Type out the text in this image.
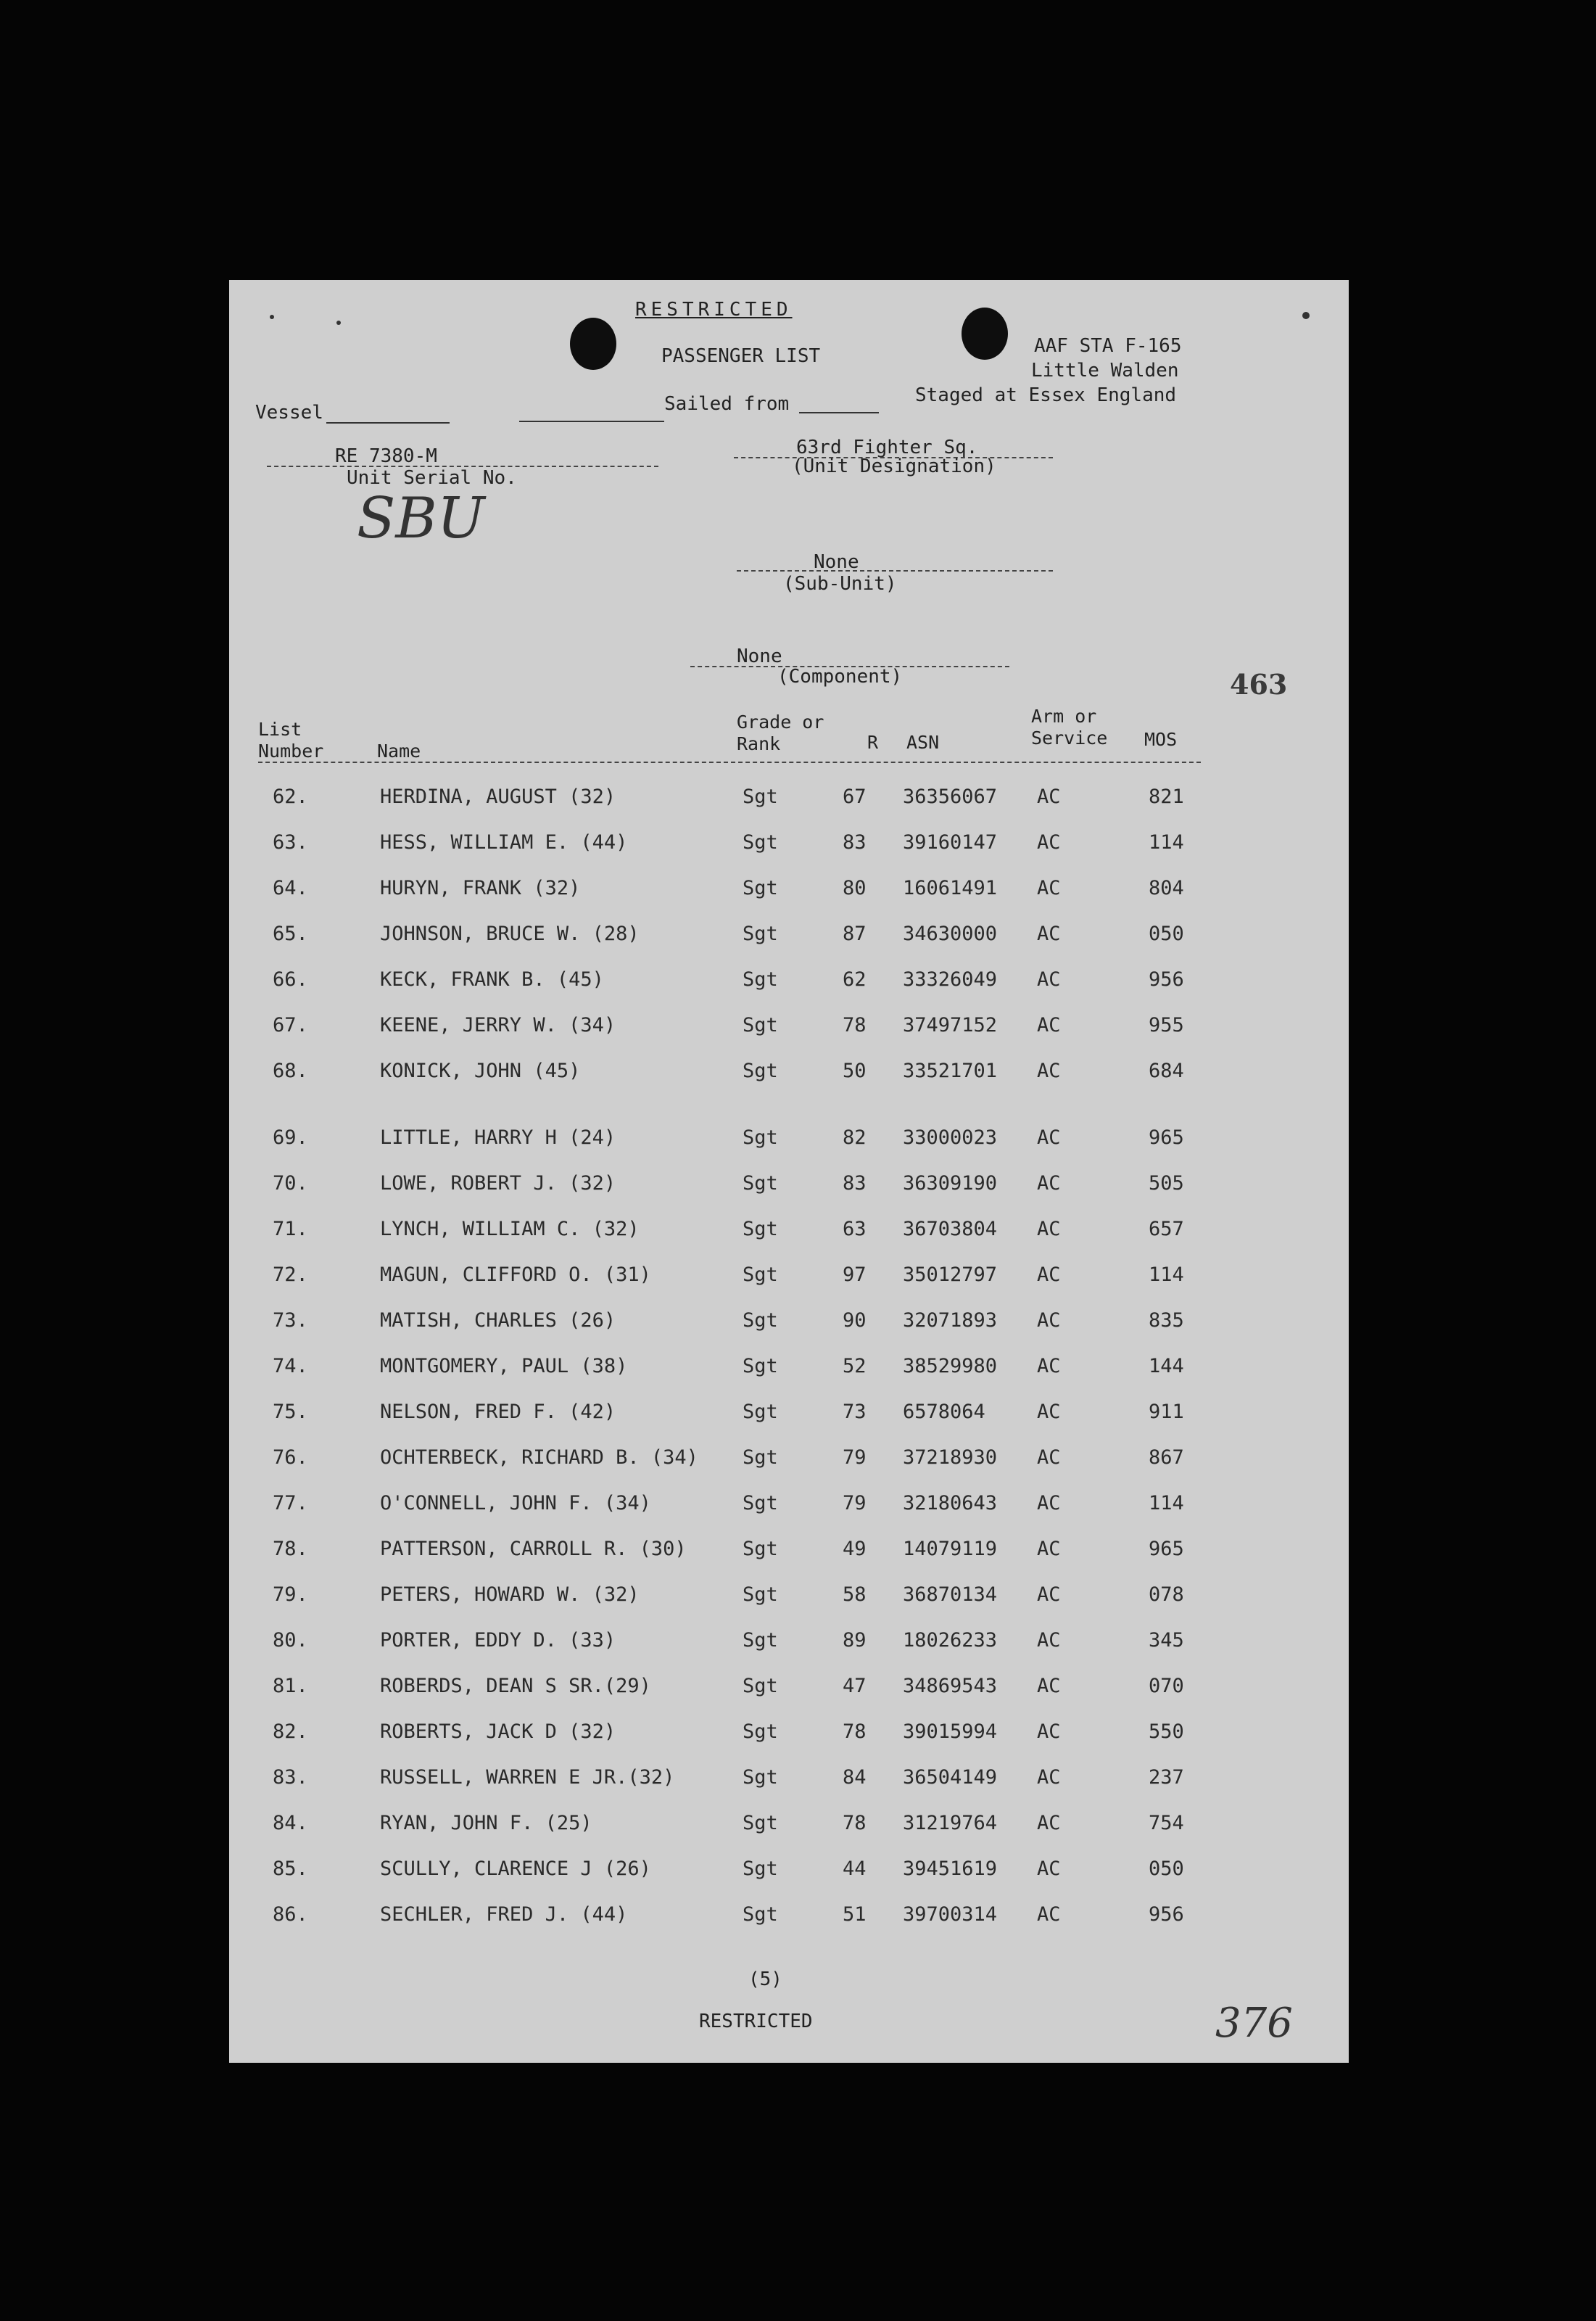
RESTRICTED
PASSENGER LIST	AAF STA F-165
Little Walden
Vessel	Sailed from	Staged at Essex England
RE 7380-M
Unit Serial No.
SBU
63rd Fighter Sq.
(Unit Designation)
None
(Sub-Unit)
None
(Component)	463
List
Number	Name
Grade or
Rank	R ASN
Arm or
Service MOS
62.	HERDINA, AUGUST (32)	Sgt	67 36356067 AC	821
63.	HESS, WILLIAM E. (44)	Sgt	83 39160147 AC	114
64.	HURYN, FRANK (32)	Sgt	80 16061491 AC	804
65.	JOHNSON, BRUCE W. (28)	Sgt	87 34630000 AC	050
66.	KECK, FRANK B. (45)	Sgt	62 33326049 AC	956
67.	KEENE, JERRY W. (34)	Sgt	78 37497152 AC	955
68.	KONICK, JOHN (45)	Sgt	50 33521701 AC	684
69.	LITTLE, HARRY H (24)	Sgt	82 33000023 AC	965
70.	LOWE, ROBERT J. (32)	Sgt	83 36309190 AC	505
71.	LYNCH, WILLIAM C. (32)	Sgt	63 36703804 AC	657
72.	MAGUN, CLIFFORD O. (31)	Sgt	97 35012797 AC	114
73.	MATISH, CHARLES (26)	Sgt	90 32071893 AC	835
74.	MONTGOMERY, PAUL (38)	Sgt	52 38529980 AC	144
75.	NELSON, FRED F. (42)	Sgt	73 6578064	AC	911
76.	OCHTERBECK, RICHARD B. (34) Sgt	79 37218930 AC	867
77.	O'CONNELL, JOHN F. (34)	Sgt	79 32180643 AC	114
78.	PATTERSON, CARROLL R. (30)	Sgt	49 14079119 AC	965
79.	PETERS, HOWARD W. (32)	Sgt	58 36870134 AC	078
80.	PORTER, EDDY D. (33)	Sgt	89 18026233 AC	345
81.	ROBERDS, DEAN S SR.(29)	Sgt	47 34869543 AC	070
82.	ROBERTS, JACK D (32)	Sgt	78 39015994 AC	550
83.	RUSSELL, WARREN E JR.(32)	Sgt	84 36504149 AC	237
84.	RYAN, JOHN F. (25)	Sgt	78 31219764 AC	754
85.	SCULLY, CLARENCE J (26)	Sgt	44 39451619 AC	050
86.	SECHLER, FRED J. (44)	Sgt	51 39700314 AC	956
(5)
RESTRICTED	376
